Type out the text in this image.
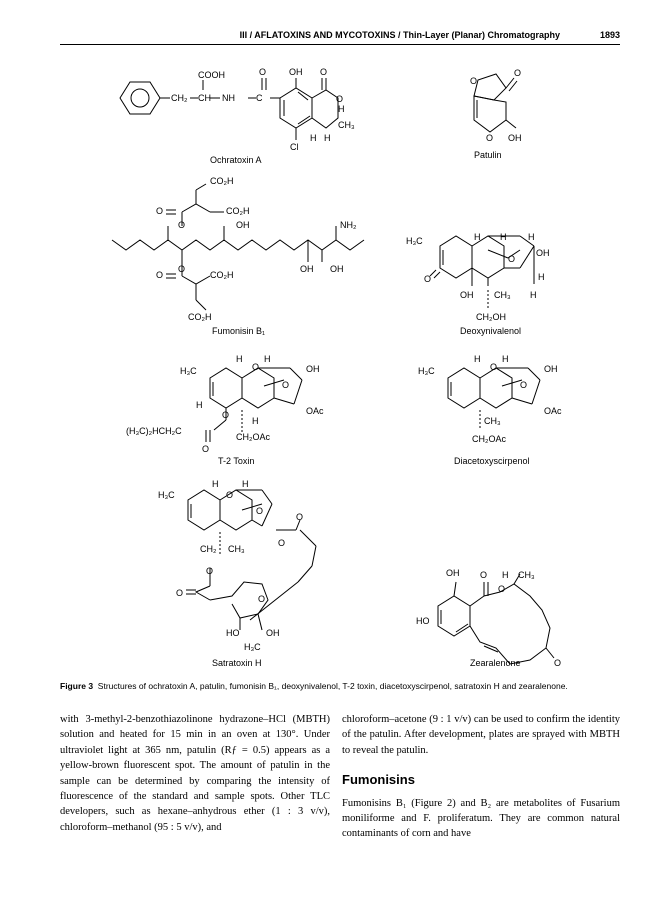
III / AFLATOXINS AND MYCOTOXINS / Thin-Layer (Planar) Chromatography	1893
COOH
CH₂ CH NH C
O	OH O
O
H
CH₃
H H
Cl
Ochratoxin A
O
O
O OH
Patulin
CO₂H
O	CO₂H
O	OH	NH₂
O	OH OH
O	CO₂H
CO₂H
Fumonisin B₁
H₃C	H H H
OH
O
H
O
OH CH₃ H
CH₂OH
Deoxynivalenol
H₃C
H H
O	OH
O
H
OAc
O
H
(H₃C)₂HCH₂C
O
CH₂OAc
T-2 Toxin
H₃C
H H
O	OH
O
OAc
CH₃
CH₂OAc
Diacetoxyscirpenol
H	H
H₃C	O
O
O
O
CH₂ CH₃
O
O
O
HO	OH
H₃C
Satratoxin H
OH O H CH₃
O
HO
O
Zearalenone
Figure 3 Structures of ochratoxin A, patulin, fumonisin B₁, deoxynivalenol, T-2 toxin, diacetoxyscirpenol, satratoxin H and zearalenone.
with 3-methyl-2-benzothiazolinone hydrazone–HCl (MBTH) solution and heated for 15 min in an oven at 130°. Under ultraviolet light at 365 nm, patulin (Rƒ = 0.5) appears as a yellow-brown fluorescent spot. The amount of patulin in the sample can be determined by comparing the intensity of fluorescence of the standard and sample spots. Other TLC developers, such as hexane–anhydrous ether (1 : 3 v/v), chloroform–methanol (95 : 5 v/v), and
chloroform–acetone (9 : 1 v/v) can be used to confirm the identity of the patulin. After development, plates are sprayed with MBTH to reveal the patulin.
Fumonisins
Fumonisins B₁ (Figure 2) and B₂ are metabolites of Fusarium moniliforme and F. proliferatum. They are common natural contaminants of corn and have
